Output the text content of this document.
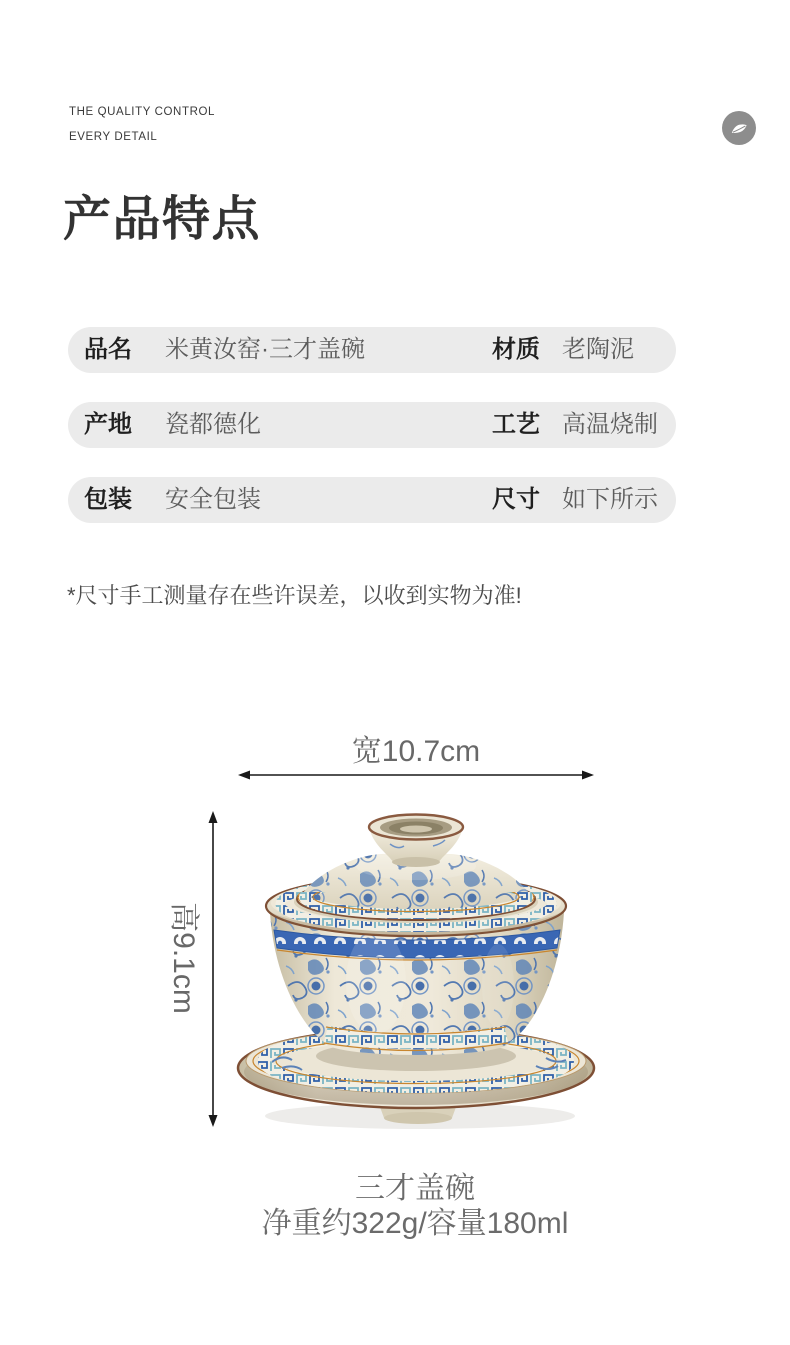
THE QUALITY CONTROL
EVERY DETAIL
产品特点
品名 米黄汝窑·三才盖碗	材质 老陶泥
产地 瓷都德化	工艺 高温烧制
包装 安全包装	尺寸 如下所示
*尺寸手工测量存在些许误差，以收到实物为准!
宽10.7cm
高9.1cm
三才盖碗
净重约322g/容量180ml
